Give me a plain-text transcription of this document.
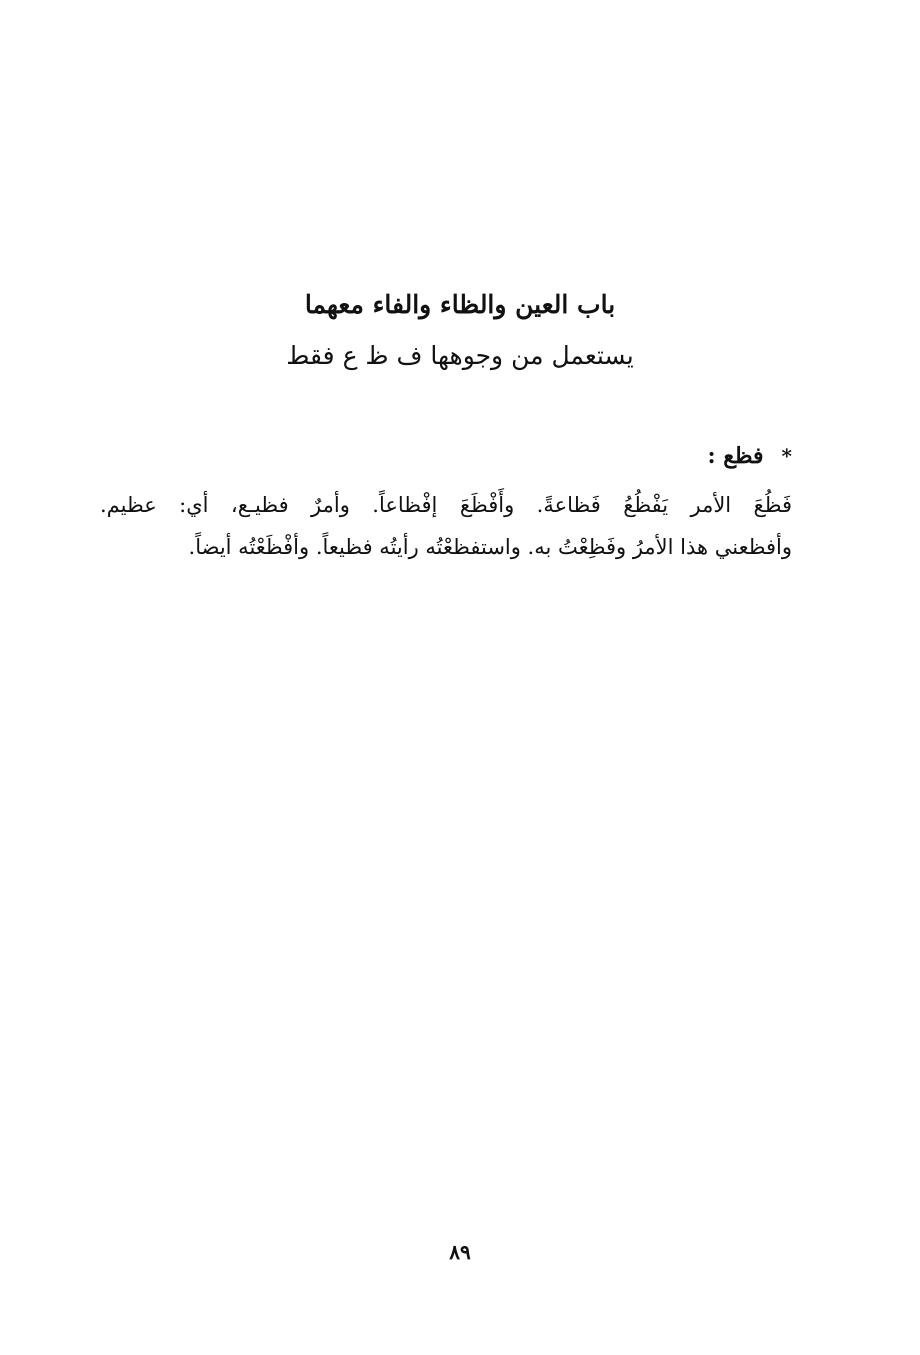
باب العين والظاء والفاء معهما
يستعمل من وجوهها ف ظ ع فقط
*فظع :
فَظُعَ الأمر يَفْظُعُ فَظاعةً. وأَفْظَعَ إفْظاعاً. وأمرٌ فظيـع، أي: عظيم.
وأفظعني هذا الأمرُ وفَظِعْتُ به. واستفظعْتُه رأيتُه فظيعاً. وأفْظَعْتُه أيضاً.
٨٩
